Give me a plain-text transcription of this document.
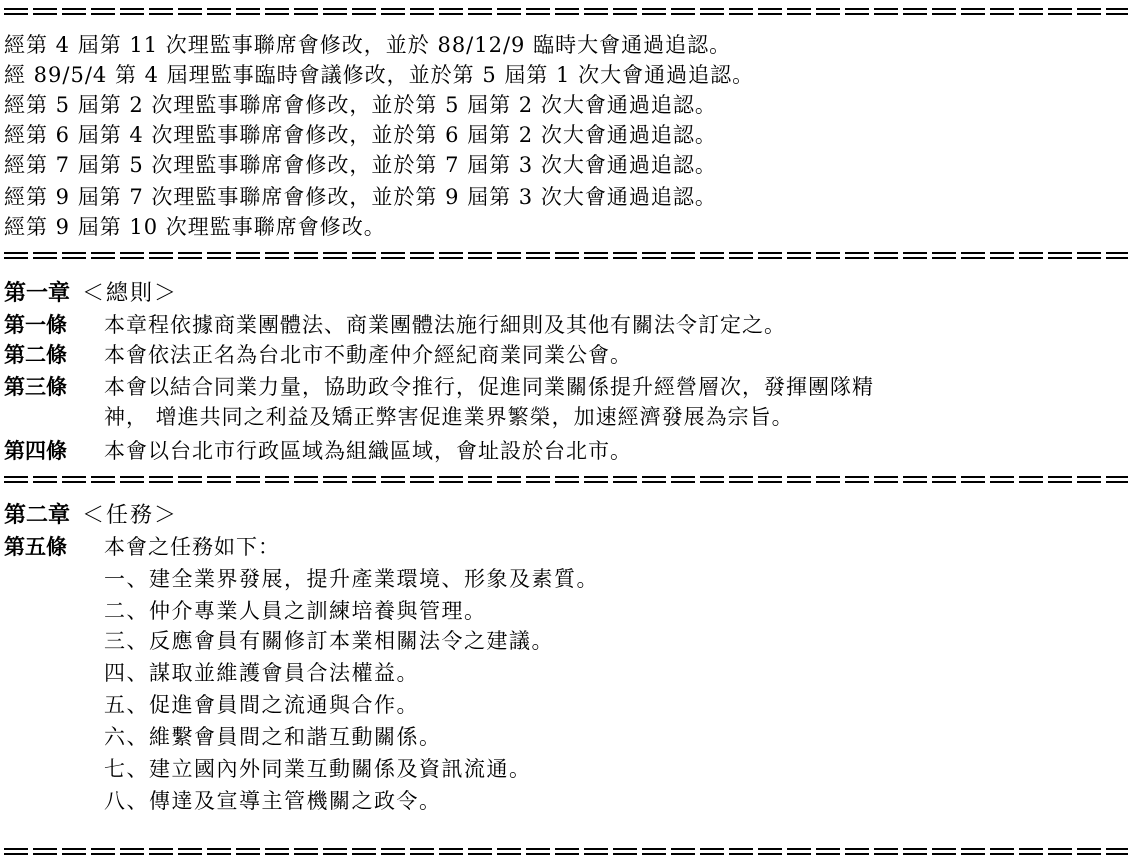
經第 4 屆第 11 次理監事聯席會修改，並於 88/12/9 臨時大會通過追認。
經 89/5/4 第 4 屆理監事臨時會議修改，並於第 5 屆第 1 次大會通過追認。
經第 5 屆第 2 次理監事聯席會修改，並於第 5 屆第 2 次大會通過追認。
經第 6 屆第 4 次理監事聯席會修改，並於第 6 屆第 2 次大會通過追認。
經第 7 屆第 5 次理監事聯席會修改，並於第 7 屆第 3 次大會通過追認。
經第 9 屆第 7 次理監事聯席會修改，並於第 9 屆第 3 次大會通過追認。
經第 9 屆第 10 次理監事聯席會修改。
第一章 ＜總則＞
第一條 本章程依據商業團體法、商業團體法施行細則及其他有關法令訂定之。
第二條 本會依法正名為台北市不動產仲介經紀商業同業公會。
第三條 本會以結合同業力量，協助政令推行，促進同業關係提升經營層次，發揮團隊精
神， 增進共同之利益及矯正弊害促進業界繁榮，加速經濟發展為宗旨。
第四條 本會以台北市行政區域為組織區域，會址設於台北市。
第二章 ＜任務＞
第五條 本會之任務如下：
一、建全業界發展，提升產業環境、形象及素質。
二、仲介專業人員之訓練培養與管理。
三、反應會員有關修訂本業相關法令之建議。
四、謀取並維護會員合法權益。
五、促進會員間之流通與合作。
六、維繫會員間之和諧互動關係。
七、建立國內外同業互動關係及資訊流通。
八、傳達及宣導主管機關之政令。
